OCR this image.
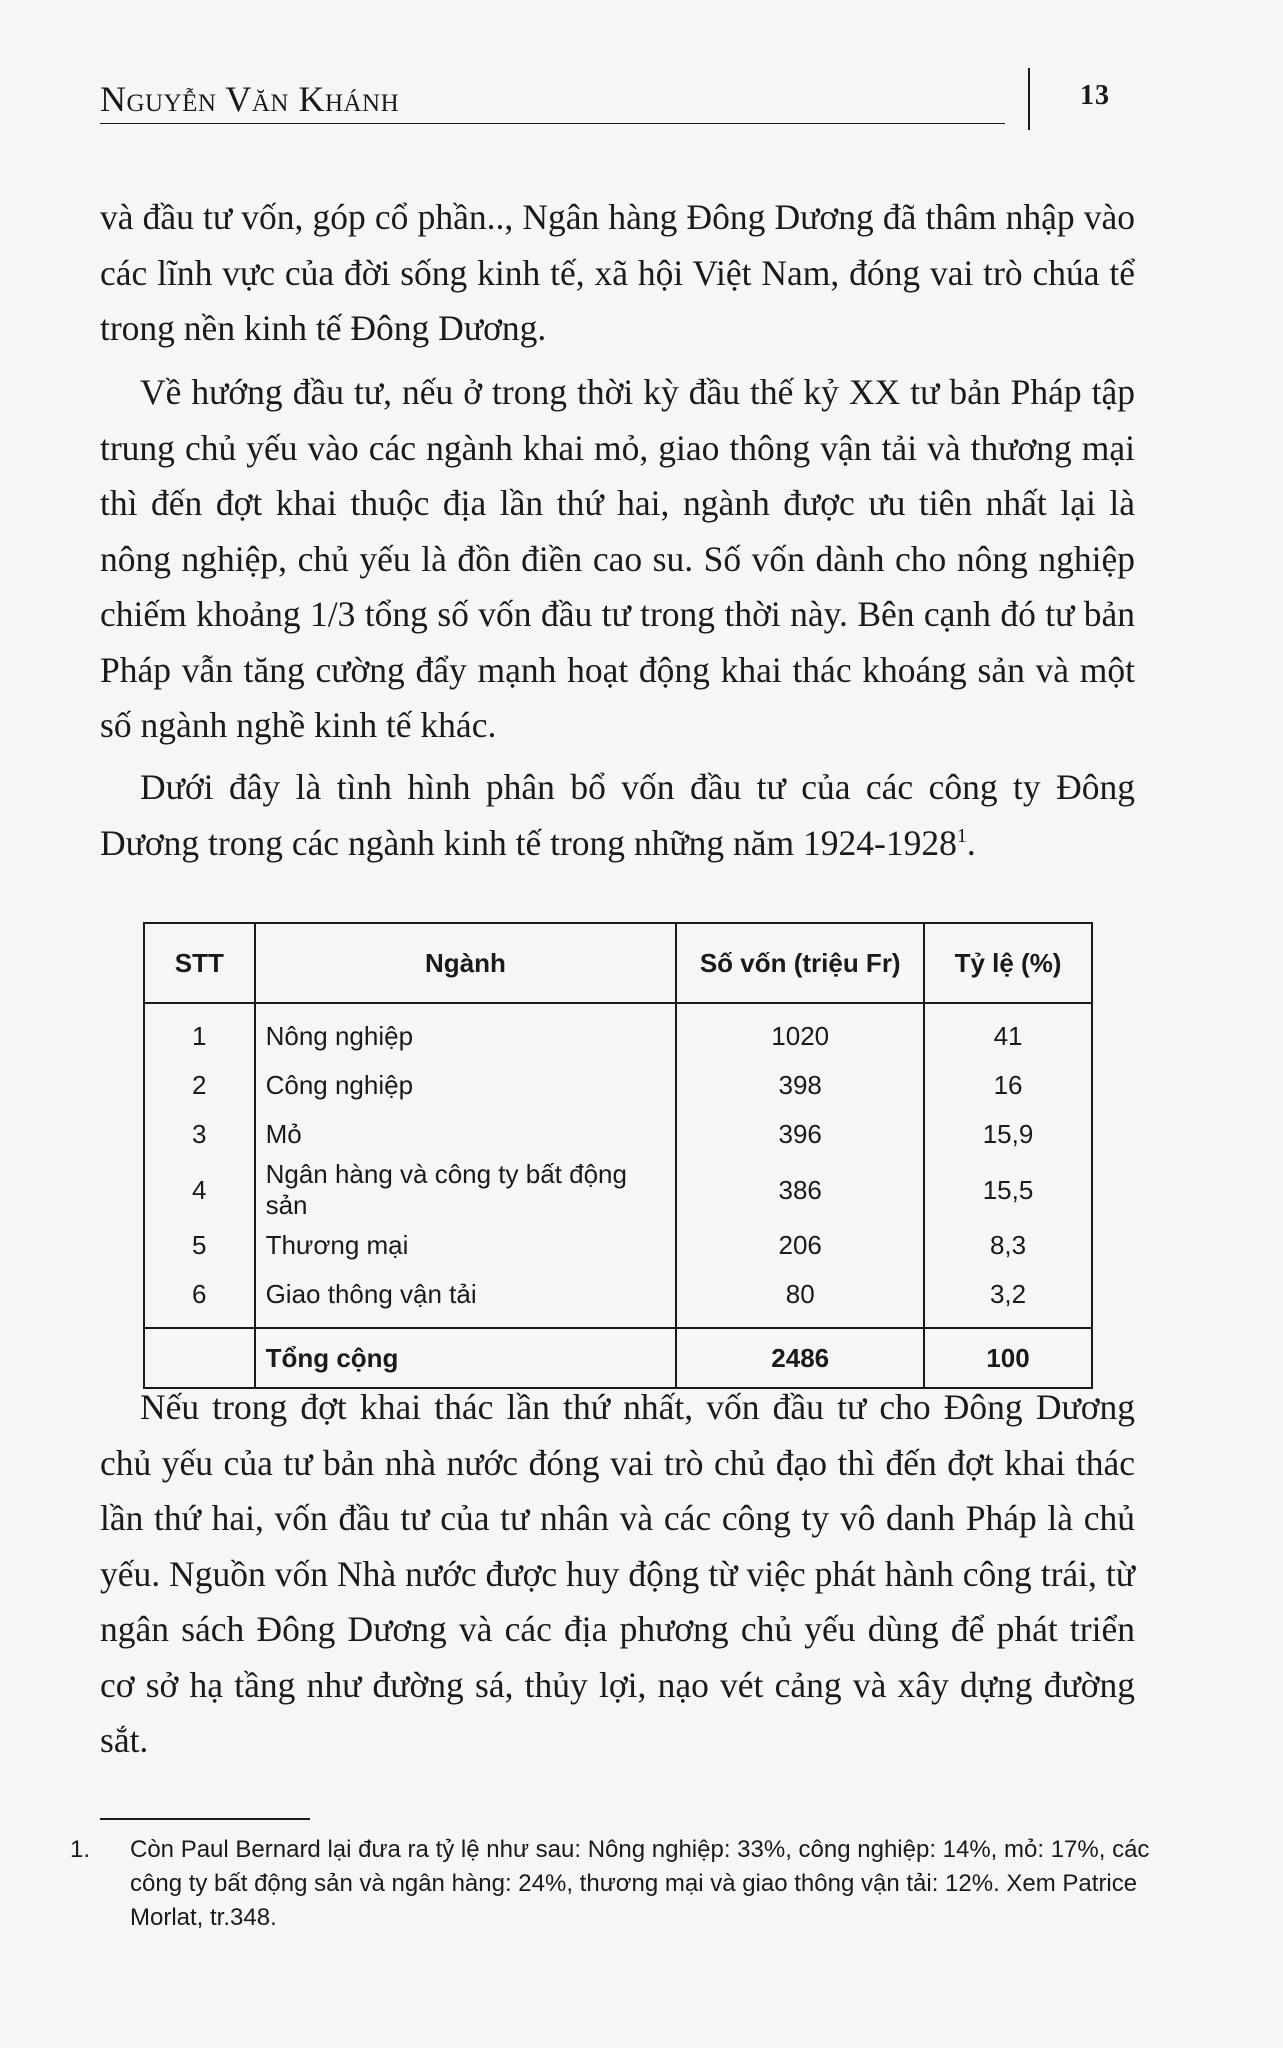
Nguyễn Văn Khánh	13

và đầu tư vốn, góp cổ phần.., Ngân hàng Đông Dương đã thâm nhập vào các lĩnh vực của đời sống kinh tế, xã hội Việt Nam, đóng vai trò chúa tể trong nền kinh tế Đông Dương.

Về hướng đầu tư, nếu ở trong thời kỳ đầu thế kỷ XX tư bản Pháp tập trung chủ yếu vào các ngành khai mỏ, giao thông vận tải và thương mại thì đến đợt khai thuộc địa lần thứ hai, ngành được ưu tiên nhất lại là nông nghiệp, chủ yếu là đồn điền cao su. Số vốn dành cho nông nghiệp chiếm khoảng 1/3 tổng số vốn đầu tư trong thời này. Bên cạnh đó tư bản Pháp vẫn tăng cường đẩy mạnh hoạt động khai thác khoáng sản và một số ngành nghề kinh tế khác.

Dưới đây là tình hình phân bổ vốn đầu tư của các công ty Đông Dương trong các ngành kinh tế trong những năm 1924-1928$^1$.

STT	Ngành	Số vốn (triệu Fr)	Tỷ lệ (%)
1	Nông nghiệp	1020	41
2	Công nghiệp	398	16
3	Mỏ	396	15,9
4	Ngân hàng và công ty bất động sản	386	15,5
5	Thương mại	206	8,3
6	Giao thông vận tải	80	3,2
	Tổng cộng	2486	100

Nếu trong đợt khai thác lần thứ nhất, vốn đầu tư cho Đông Dương chủ yếu của tư bản nhà nước đóng vai trò chủ đạo thì đến đợt khai thác lần thứ hai, vốn đầu tư của tư nhân và các công ty vô danh Pháp là chủ yếu. Nguồn vốn Nhà nước được huy động từ việc phát hành công trái, từ ngân sách Đông Dương và các địa phương chủ yếu dùng để phát triển cơ sở hạ tầng như đường sá, thủy lợi, nạo vét cảng và xây dựng đường sắt.

1. Còn Paul Bernard lại đưa ra tỷ lệ như sau: Nông nghiệp: 33%, công nghiệp: 14%, mỏ: 17%, các công ty bất động sản và ngân hàng: 24%, thương mại và giao thông vận tải: 12%. Xem Patrice Morlat, tr.348.
